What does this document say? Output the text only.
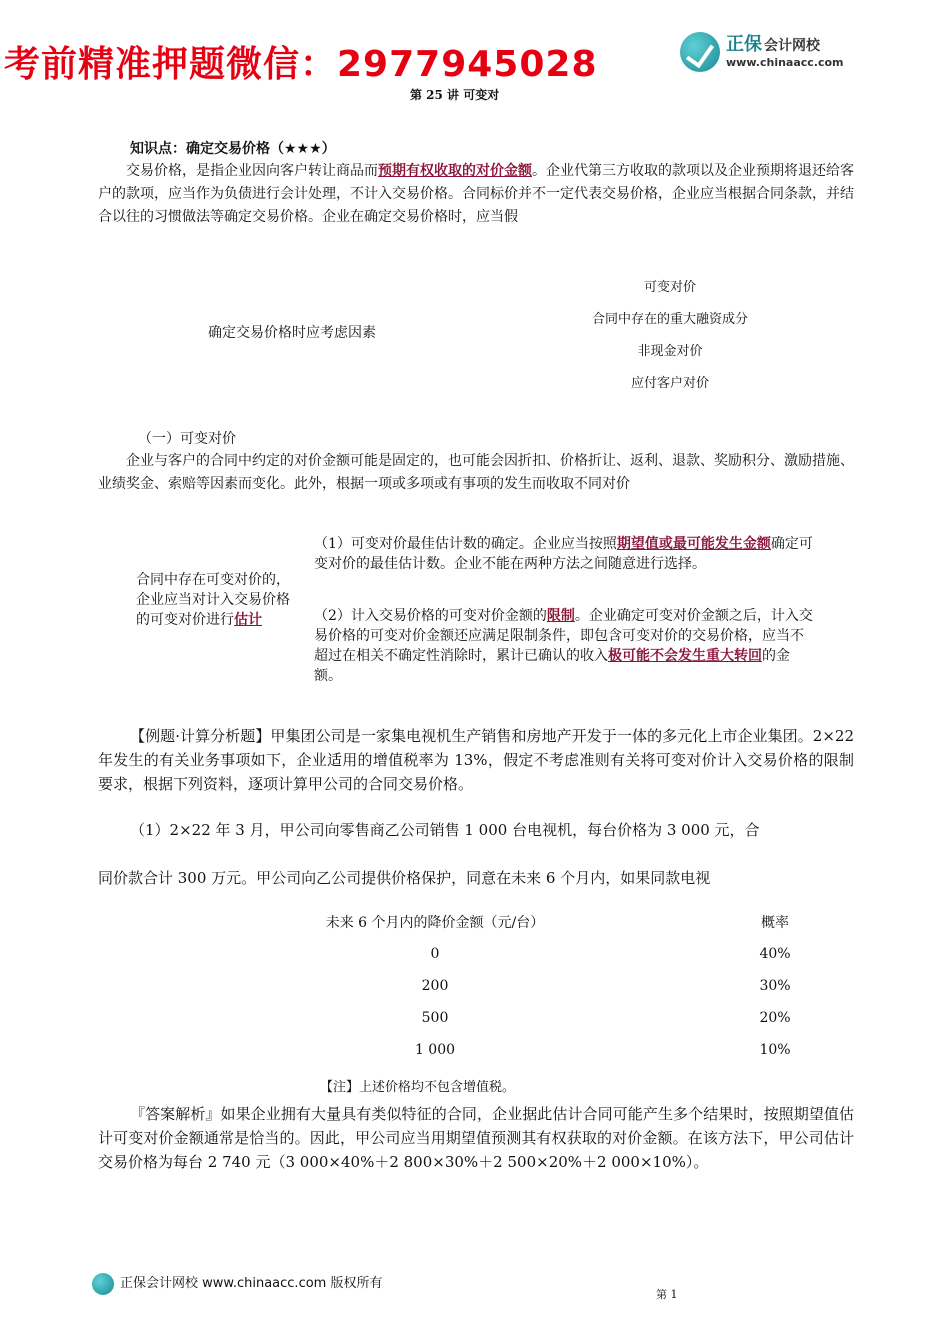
考前精准押题微信：2977945028	正保 会计网校
www.chinaacc.com
第 25 讲 可变对
知识点：确定交易价格（★★★）
交易价格，是指企业因向客户转让商品而预期有权收取的对价金额。企业代第三方收取的款项以及企业预期将退还给客户的款项，应当作为负债进行会计处理，不计入交易价格。合同标价并不一定代表交易价格，企业应当根据合同条款，并结合以往的习惯做法等确定交易价格。企业在确定交易价格时，应当假
确定交易价格时应考虑因素
可变对价
合同中存在的重大融资成分
非现金对价
应付客户对价
（一）可变对价
企业与客户的合同中约定的对价金额可能是固定的，也可能会因折扣、价格折让、返利、退款、奖励积分、激励措施、业绩奖金、索赔等因素而变化。此外，根据一项或多项或有事项的发生而收取不同对价
合同中存在可变对价的，企业应当对计入交易价格的可变对价进行估计
（1）可变对价最佳估计数的确定。企业应当按照期望值或最可能发生金额确定可变对价的最佳估计数。企业不能在两种方法之间随意进行选择。
（2）计入交易价格的可变对价金额的限制。企业确定可变对价金额之后，计入交易价格的可变对价金额还应满足限制条件，即包含可变对价的交易价格，应当不超过在相关不确定性消除时，累计已确认的收入极可能不会发生重大转回的金额。
【例题·计算分析题】甲集团公司是一家集电视机生产销售和房地产开发于一体的多元化上市企业集团。2×22 年发生的有关业务事项如下，企业适用的增值税率为 13%，假定不考虑准则有关将可变对价计入交易价格的限制要求，根据下列资料，逐项计算甲公司的合同交易价格。
（1）2×22 年 3 月，甲公司向零售商乙公司销售 1 000 台电视机，每台价格为 3 000 元，合
同价款合计 300 万元。甲公司向乙公司提供价格保护，同意在未来 6 个月内，如果同款电视
未来 6 个月内的降价金额（元/台）	概率
0	40%
200	30%
500	20%
1 000	10%
【注】上述价格均不包含增值税。
『答案解析』如果企业拥有大量具有类似特征的合同，企业据此估计合同可能产生多个结果时，按照期望值估计可变对价金额通常是恰当的。因此，甲公司应当用期望值预测其有权获取的对价金额。在该方法下，甲公司估计交易价格为每台 2 740 元（3 000×40%＋2 800×30%＋2 500×20%＋2 000×10%）。
正保会计网校 www.chinaacc.com 版权所有
第 1
